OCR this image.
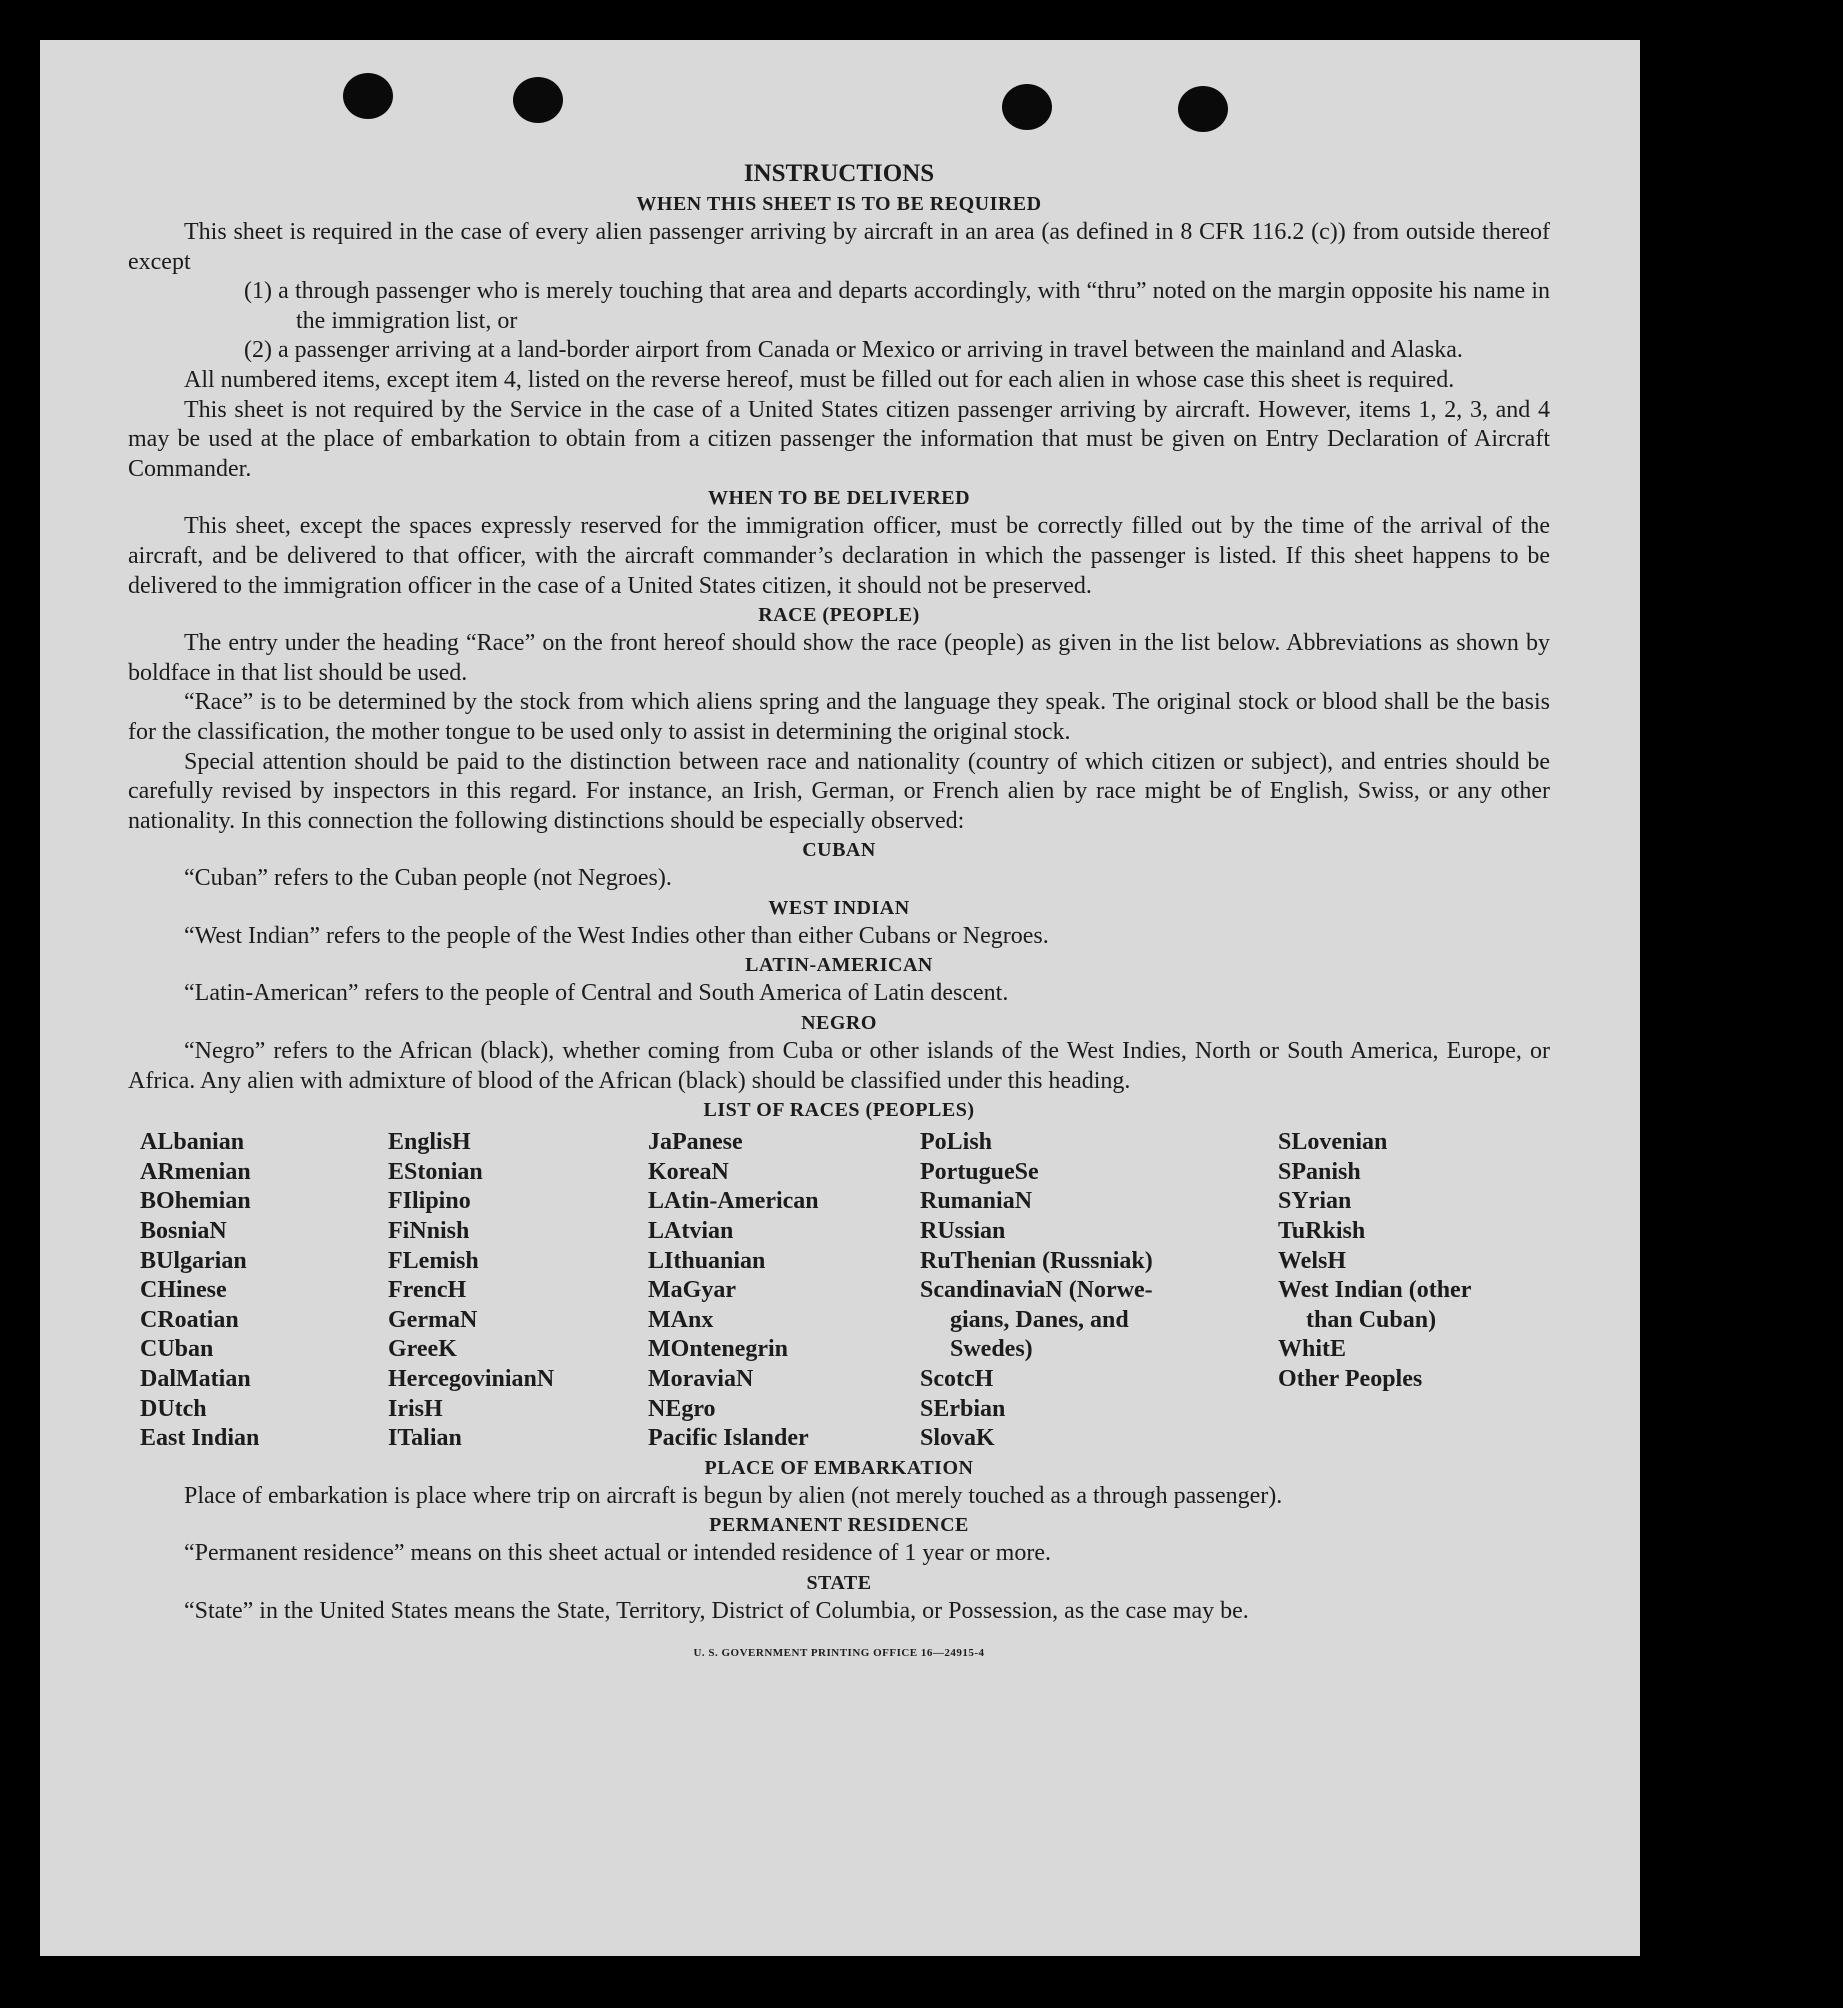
INSTRUCTIONS
WHEN THIS SHEET IS TO BE REQUIRED

This sheet is required in the case of every alien passenger arriving by aircraft in an area (as defined in 8 CFR 116.2 (c)) from outside thereof except

(1) a through passenger who is merely touching that area and departs accordingly, with “thru” noted on the margin opposite his name in the immigration list, or

(2) a passenger arriving at a land-border airport from Canada or Mexico or arriving in travel between the mainland and Alaska.

All numbered items, except item 4, listed on the reverse hereof, must be filled out for each alien in whose case this sheet is required.

This sheet is not required by the Service in the case of a United States citizen passenger arriving by aircraft. However, items 1, 2, 3, and 4 may be used at the place of embarkation to obtain from a citizen passenger the information that must be given on Entry Declaration of Aircraft Commander.

WHEN TO BE DELIVERED

This sheet, except the spaces expressly reserved for the immigration officer, must be correctly filled out by the time of the arrival of the aircraft, and be delivered to that officer, with the aircraft commander’s declaration in which the passenger is listed. If this sheet happens to be delivered to the immigration officer in the case of a United States citizen, it should not be preserved.

RACE (PEOPLE)

The entry under the heading “Race” on the front hereof should show the race (people) as given in the list below. Abbreviations as shown by boldface in that list should be used.

“Race” is to be determined by the stock from which aliens spring and the language they speak. The original stock or blood shall be the basis for the classification, the mother tongue to be used only to assist in determining the original stock.

Special attention should be paid to the distinction between race and nationality (country of which citizen or subject), and entries should be carefully revised by inspectors in this regard. For instance, an Irish, German, or French alien by race might be of English, Swiss, or any other nationality. In this connection the following distinctions should be especially observed:

CUBAN

“Cuban” refers to the Cuban people (not Negroes).

WEST INDIAN

“West Indian” refers to the people of the West Indies other than either Cubans or Negroes.

LATIN-AMERICAN

“Latin-American” refers to the people of Central and South America of Latin descent.

NEGRO

“Negro” refers to the African (black), whether coming from Cuba or other islands of the West Indies, North or South America, Europe, or Africa. Any alien with admixture of blood of the African (black) should be classified under this heading.

LIST OF RACES (PEOPLES)
ALbanian
ARmenian
BOhemian
BosniaN
BUlgarian
CHinese
CRoatian
CUban
DalMatian
DUtch
East Indian
EnglisH
EStonian
FIlipino
FiNnish
FLemish
FrencH
GermaN
GreeK
HercegovinianN
IrisH
ITalian
JaPanese
KoreaN
LAtin-American
LAtvian
LIthuanian
MaGyar
MAnx
MOntenegrin
MoraviaN
NEgro
Pacific Islander
PoLish
PortugueSe
RumaniaN
RUssian
RuThenian (Russniak)
ScandinaviaN (Norwe-
gians, Danes, and
Swedes)
ScotcH
SErbian
SlovaK
SLovenian
SPanish
SYrian
TuRkish
WelsH
West Indian (other
than Cuban)
WhitE
Other Peoples
PLACE OF EMBARKATION

Place of embarkation is place where trip on aircraft is begun by alien (not merely touched as a through passenger).

PERMANENT RESIDENCE

“Permanent residence” means on this sheet actual or intended residence of 1 year or more.

STATE

“State” in the United States means the State, Territory, District of Columbia, or Possession, as the case may be.

U. S. GOVERNMENT PRINTING OFFICE 16—24915-4
